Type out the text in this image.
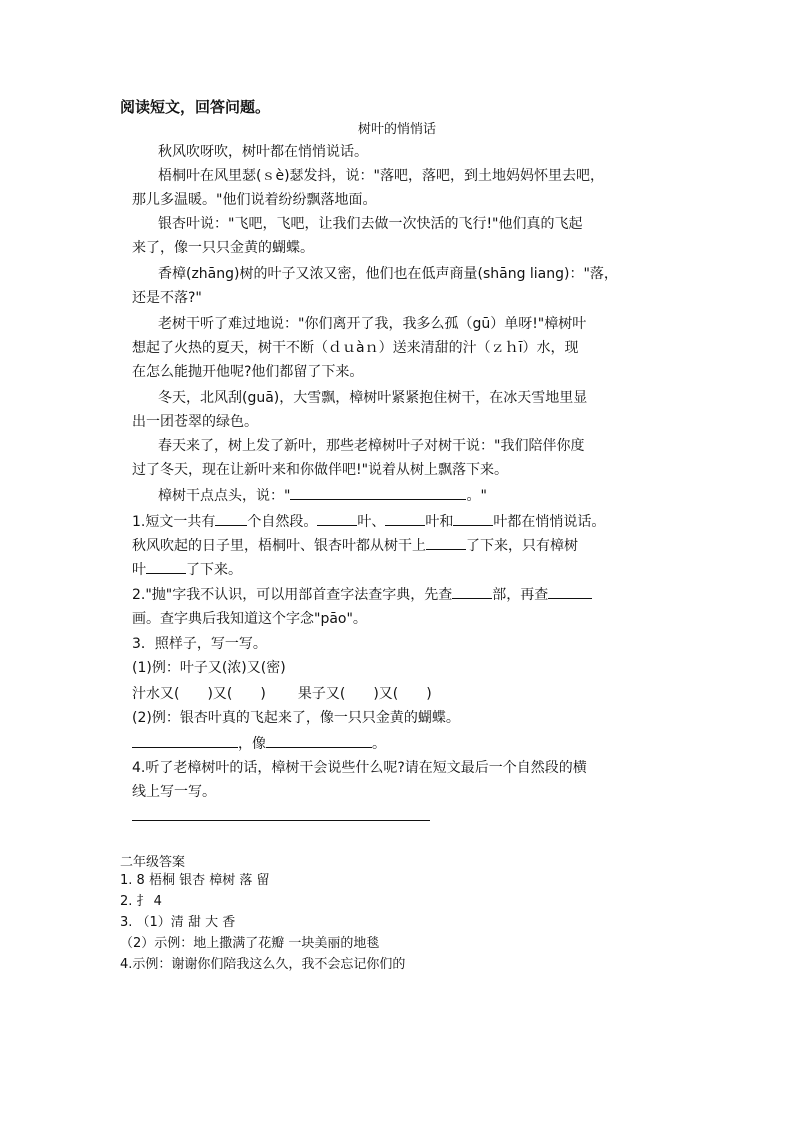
阅读短文，回答问题。
树叶的悄悄话
秋风吹呀吹，树叶都在悄悄说话。
梧桐叶在风里瑟(ｓè)瑟发抖，说："落吧，落吧，到土地妈妈怀里去吧，
那儿多温暖。"他们说着纷纷飘落地面。
银杏叶说："飞吧，飞吧，让我们去做一次快活的飞行!"他们真的飞起
来了，像一只只金黄的蝴蝶。
香樟(zhāng)树的叶子又浓又密，他们也在低声商量(shāng liang)："落，
还是不落?"
老树干听了难过地说："你们离开了我，我多么孤（gū）单呀!"樟树叶
想起了火热的夏天，树干不断（ｄｕàｎ）送来清甜的汁（ｚｈī）水，现
在怎么能抛开他呢?他们都留了下来。
冬天，北风刮(guā)，大雪飘，樟树叶紧紧抱住树干，在冰天雪地里显
出一团苍翠的绿色。
春天来了，树上发了新叶，那些老樟树叶子对树干说："我们陪伴你度
过了冬天，现在让新叶来和你做伴吧!"说着从树上飘落下来。
樟树干点点头，说："	。"
1.短文一共有 个自然段。	叶、	叶和	叶都在悄悄说话。
秋风吹起的日子里，梧桐叶、银杏叶都从树干上	了下来，只有樟树
叶	了下来。
2."抛"字我不认识，可以用部首查字法查字典，先查	部，再查
画。查字典后我知道这个字念"pāo"。
3．照样子，写一写。
(1)例：叶子又(浓)又(密)
汁水又(　　)又(　　) 果子又(　　)又(　　)
(2)例：银杏叶真的飞起来了，像一只只金黄的蝴蝶。
，像	。
4.听了老樟树叶的话，樟树干会说些什么呢?请在短文最后一个自然段的横
线上写一写。
二年级答案
1. 8 梧桐 银杏 樟树 落 留
2. 扌 4
3. （1）清 甜 大 香
（2）示例：地上撒满了花瓣 一块美丽的地毯
4.示例：谢谢你们陪我这么久，我不会忘记你们的
